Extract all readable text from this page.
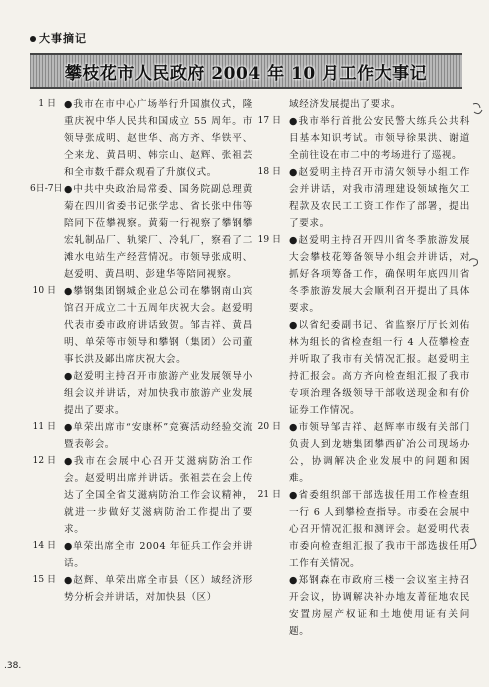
大事摘记
攀枝花市人民政府 2004 年 10 月工作大事记
1 日 ●我市在市中心广场举行升国旗仪式，隆重庆祝中华人民共和国成立 55 周年。市领导张成明、赵世华、高方齐、华铁平、仝来龙、黄昌明、韩宗山、赵辉、张祖芸和全市数千群众观看了升旗仪式。
6日-7日 ●中共中央政治局常委、国务院副总理黄菊在四川省委书记张学忠、省长张中伟等陪同下莅攀视察。黄菊一行视察了攀钢攀宏轧制品厂、轨梁厂、冷轧厂，察看了二滩水电站生产经营情况。市领导张成明、赵爱明、黄昌明、彭建华等陪同视察。
10 日 ●攀钢集团钢城企业总公司在攀钢南山宾馆召开成立二十五周年庆祝大会。赵爱明代表市委市政府讲话致贺。邹吉祥、黄昌明、单荣等市领导和攀钢（集团）公司董事长洪及鄙出席庆祝大会。
●赵爱明主持召开市旅游产业发展领导小组会议并讲话，对加快我市旅游产业发展提出了要求。
11 日 ●单荣出席市“安康杯”竞赛活动经验交流暨表彰会。
12 日 ●我市在会展中心召开艾滋病防治工作会。赵爱明出席并讲话。张祖芸在会上传达了全国全省艾滋病防治工作会议精神，就进一步做好艾滋病防治工作提出了要求。
14 日 ●单荣出席全市 2004 年征兵工作会并讲话。
15 日 ●赵辉、单荣出席全市县（区）域经济形势分析会并讲话，对加快县（区）
域经济发展提出了要求。
17 日 ●我市举行首批公安民警大练兵公共科目基本知识考试。市领导徐果洪、谢道全前往设在市二中的考场进行了巡视。
18 日 ●赵爱明主持召开市清欠领导小组工作会并讲话，对我市清理建设领域拖欠工程款及农民工工资工作作了部署，提出了要求。
19 日 ●赵爱明主持召开四川省冬季旅游发展大会攀枝花筹备领导小组会并讲话，对抓好各项筹备工作，确保明年底四川省冬季旅游发展大会顺利召开提出了具体要求。
●以省纪委副书记、省监察厅厅长刘佑林为组长的省检查组一行 4 人莅攀检查并听取了我市有关情况汇报。赵爱明主持汇报会。高方齐向检查组汇报了我市专项治理各级领导干部收送现金和有价证券工作情况。
20 日 ●市领导邹吉祥、赵辉率市级有关部门负责人到龙塘集团攀西矿冶公司现场办公，协调解决企业发展中的问题和困难。
21 日 ●省委组织部干部选拔任用工作检查组一行 6 人到攀检查指导。市委在会展中心召开情况汇报和测评会。赵爱明代表市委向检查组汇报了我市干部选拔任用工作有关情况。
●郑钢森在市政府三楼一会议室主持召开会议，协调解决补办地友菁征地农民安置房屋产权证和土地使用证有关问题。
.38.
